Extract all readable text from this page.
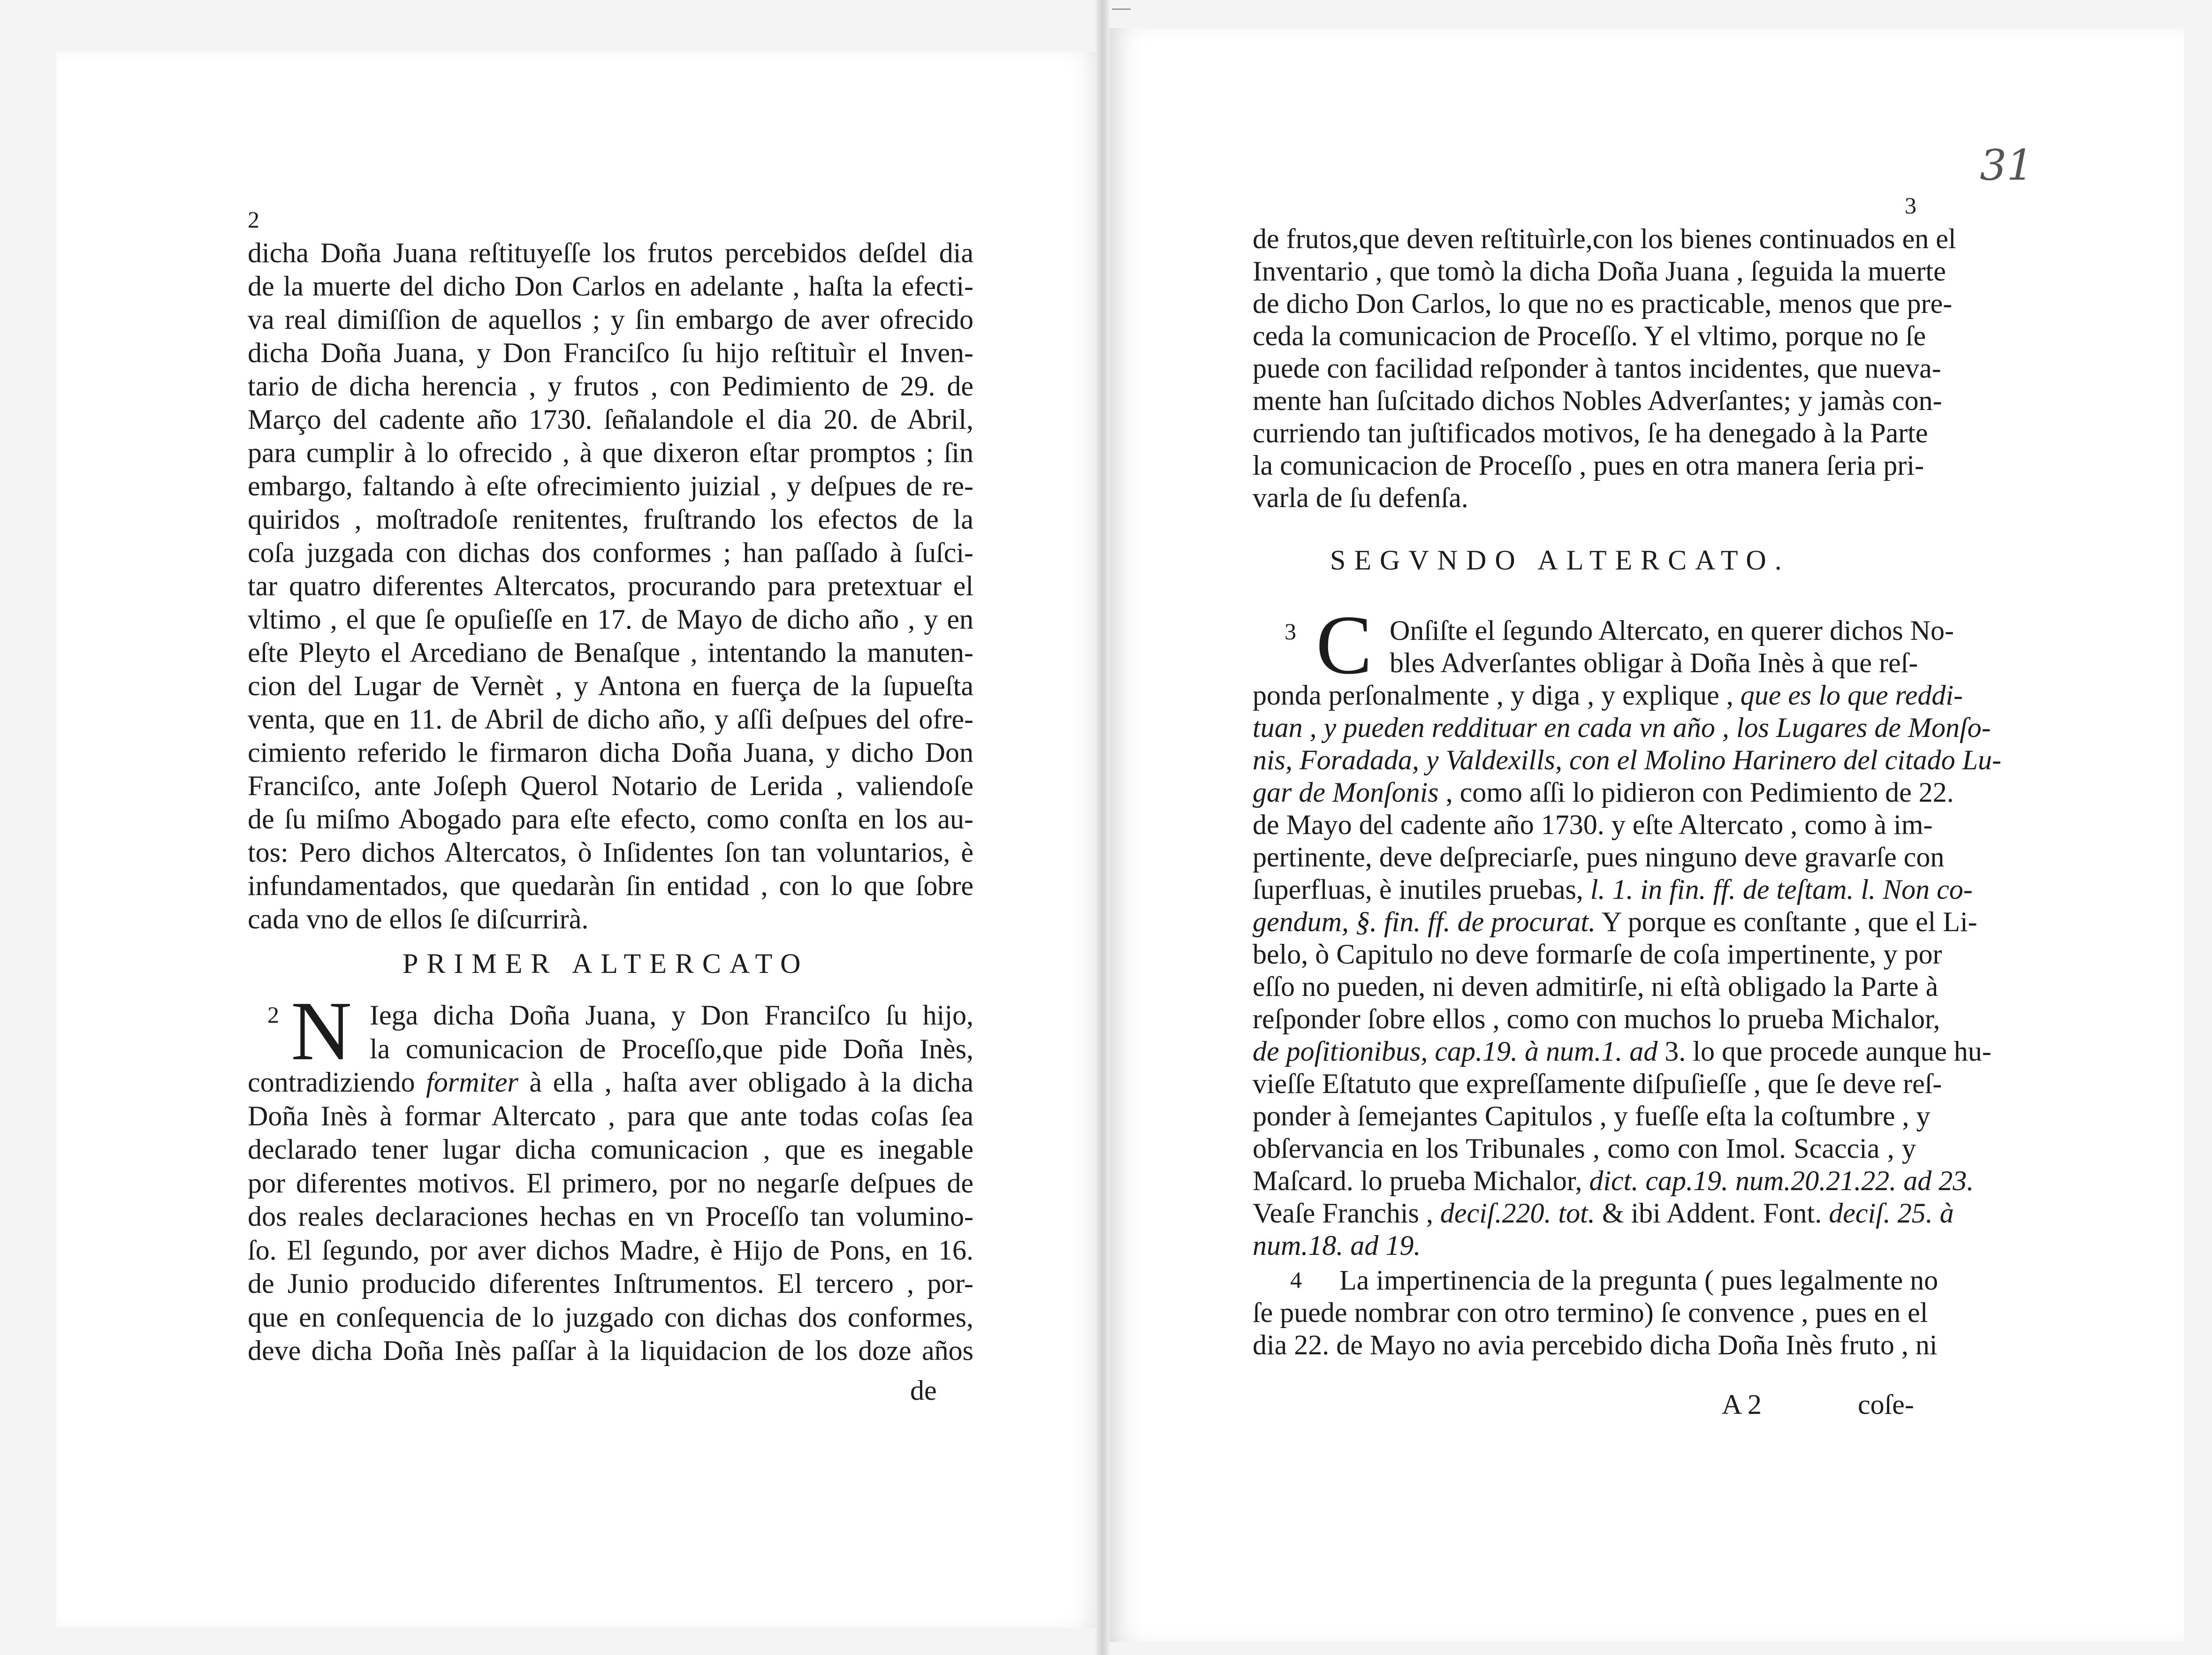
2
dicha Doña Juana reſtituyeſſe los frutos percebidos deſdel dia
de la muerte del dicho Don Carlos en adelante , haſta la efecti-
va real dimiſſion de aquellos ; y ſin embargo de aver ofrecido
dicha Doña Juana, y Don Franciſco ſu hijo reſtituìr el Inven-
tario de dicha herencia , y frutos , con Pedimiento de 29. de
Março del cadente año 1730. ſeñalandole el dia 20. de Abril,
para cumplir à lo ofrecido , à que dixeron eſtar promptos ; ſin
embargo, faltando à eſte ofrecimiento juizial , y deſpues de re-
quiridos , moſtradoſe renitentes, fruſtrando los efectos de la
coſa juzgada con dichas dos conformes ; han paſſado à ſuſci-
tar quatro diferentes Altercatos, procurando para pretextuar el
vltimo , el que ſe opuſieſſe en 17. de Mayo de dicho año , y en
eſte Pleyto el Arcediano de Benaſque , intentando la manuten-
cion del Lugar de Vernèt , y Antona en fuerça de la ſupueſta
venta, que en 11. de Abril de dicho año, y aſſi deſpues del ofre-
cimiento referido le firmaron dicha Doña Juana, y dicho Don
Franciſco, ante Joſeph Querol Notario de Lerida , valiendoſe
de ſu miſmo Abogado para eſte efecto, como conſta en los au-
tos: Pero dichos Altercatos, ò Inſidentes ſon tan voluntarios, è
infundamentados, que quedaràn ſin entidad , con lo que ſobre
cada vno de ellos ſe diſcurrirà.
PRIMER ALTERCATO
2 N Iega dicha Doña Juana, y Don Franciſco ſu hijo,
la comunicacion de Proceſſo,que pide Doña Inès,
contradiziendo formiter à ella , haſta aver obligado à la dicha
Doña Inès à formar Altercato , para que ante todas coſas ſea
declarado tener lugar dicha comunicacion , que es inegable
por diferentes motivos. El primero, por no negarſe deſpues de
dos reales declaraciones hechas en vn Proceſſo tan volumino-
ſo. El ſegundo, por aver dichos Madre, è Hijo de Pons, en 16.
de Junio producido diferentes Inſtrumentos. El tercero , por-
que en conſequencia de lo juzgado con dichas dos conformes,
deve dicha Doña Inès paſſar à la liquidacion de los doze años
de
31
3
de frutos,que deven reſtituìrle,con los bienes continuados en el
Inventario , que tomò la dicha Doña Juana , ſeguida la muerte
de dicho Don Carlos, lo que no es practicable, menos que pre-
ceda la comunicacion de Proceſſo. Y el vltimo, porque no ſe
puede con facilidad reſponder à tantos incidentes, que nueva-
mente han ſuſcitado dichos Nobles Adverſantes; y jamàs con-
curriendo tan juſtificados motivos, ſe ha denegado à la Parte
la comunicacion de Proceſſo , pues en otra manera ſeria pri-
varla de ſu defenſa.
SEGVNDO ALTERCATO.
3 C Onſiſte el ſegundo Altercato, en querer dichos No-
bles Adverſantes obligar à Doña Inès à que reſ-
ponda perſonalmente , y diga , y explique , que es lo que reddi-
tuan , y pueden reddituar en cada vn año , los Lugares de Monſo-
nis, Foradada, y Valdexills, con el Molino Harinero del citado Lu-
gar de Monſonis , como aſſi lo pidieron con Pedimiento de 22.
de Mayo del cadente año 1730. y eſte Altercato , como à im-
pertinente, deve deſpreciarſe, pues ninguno deve gravarſe con
ſuperfluas, è inutiles pruebas, l. 1. in fin. ff. de teſtam. l. Non co-
gendum, §. fin. ff. de procurat. Y porque es conſtante , que el Li-
belo, ò Capitulo no deve formarſe de coſa impertinente, y por
eſſo no pueden, ni deven admitirſe, ni eſtà obligado la Parte à
reſponder ſobre ellos , como con muchos lo prueba Michalor,
de poſitionibus, cap.19. à num.1. ad 3. lo que procede aunque hu-
vieſſe Eſtatuto que expreſſamente diſpuſieſſe , que ſe deve reſ-
ponder à ſemejantes Capitulos , y fueſſe eſta la coſtumbre , y
obſervancia en los Tribunales , como con Imol. Scaccia , y
Maſcard. lo prueba Michalor, dict. cap.19. num.20.21.22. ad 23.
Veaſe Franchis , deciſ.220. tot. & ibi Addent. Font. deciſ. 25. à
num.18. ad 19.
4 La impertinencia de la pregunta ( pues legalmente no
ſe puede nombrar con otro termino) ſe convence , pues en el
dia 22. de Mayo no avia percebido dicha Doña Inès fruto , ni
A 2	coſe-
